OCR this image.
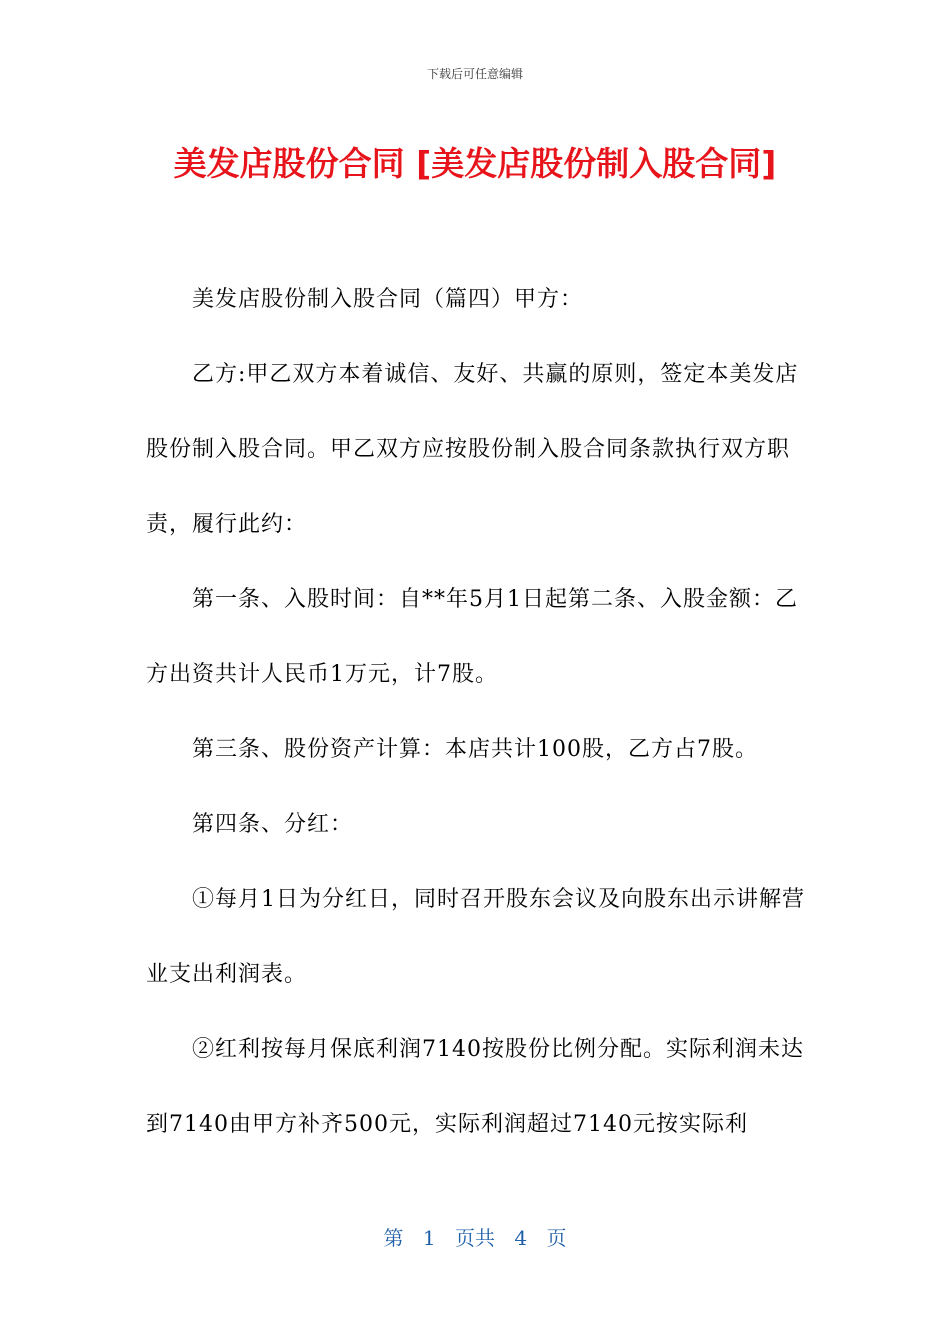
下载后可任意编辑
美发店股份合同 [美发店股份制入股合同]

美发店股份制入股合同（篇四）甲方：

乙方:甲乙双方本着诚信、友好、共赢的原则，签定本美发店股份制入股合同。甲乙双方应按股份制入股合同条款执行双方职责，履行此约：

第一条、入股时间：自**年5月1日起第二条、入股金额：乙方出资共计人民币1万元，计7股。

第三条、股份资产计算：本店共计100股，乙方占7股。

第四条、分红：

①每月1日为分红日，同时召开股东会议及向股东出示讲解营业支出利润表。

②红利按每月保底利润7140按股份比例分配。实际利润未达到7140由甲方补齐500元，实际利润超过7140元按实际利

第 1 页共 4 页
